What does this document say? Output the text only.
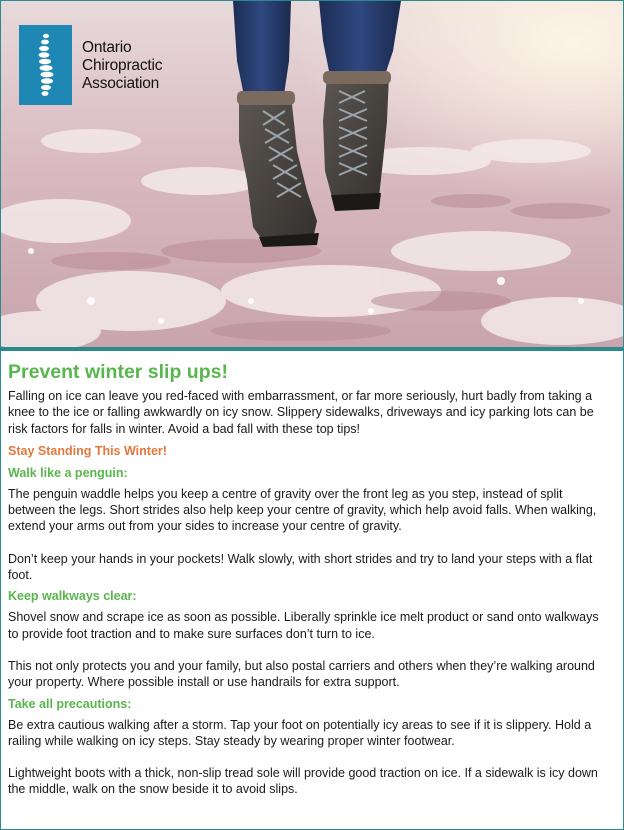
Ontario
Chiropractic
Association
Prevent winter slip ups!

Falling on ice can leave you red-faced with embarrassment, or far more seriously, hurt badly from taking a knee to the ice or falling awkwardly on icy snow. Slippery sidewalks, driveways and icy parking lots can be risk factors for falls in winter. Avoid a bad fall with these top tips!

Stay Standing This Winter!
Walk like a penguin:

The penguin waddle helps you keep a centre of gravity over the front leg as you step, instead of split between the legs. Short strides also help keep your centre of gravity, which help avoid falls. When walking, extend your arms out from your sides to increase your centre of gravity.

Don’t keep your hands in your pockets! Walk slowly, with short strides and try to land your steps with a flat foot.

Keep walkways clear:

Shovel snow and scrape ice as soon as possible. Liberally sprinkle ice melt product or sand onto walkways to provide foot traction and to make sure surfaces don’t turn to ice.

This not only protects you and your family, but also postal carriers and others when they’re walking around your property. Where possible install or use handrails for extra support.

Take all precautions:

Be extra cautious walking after a storm. Tap your foot on potentially icy areas to see if it is slippery. Hold a railing while walking on icy steps. Stay steady by wearing proper winter footwear.

Lightweight boots with a thick, non-slip tread sole will provide good traction on ice. If a sidewalk is icy down the middle, walk on the snow beside it to avoid slips.
